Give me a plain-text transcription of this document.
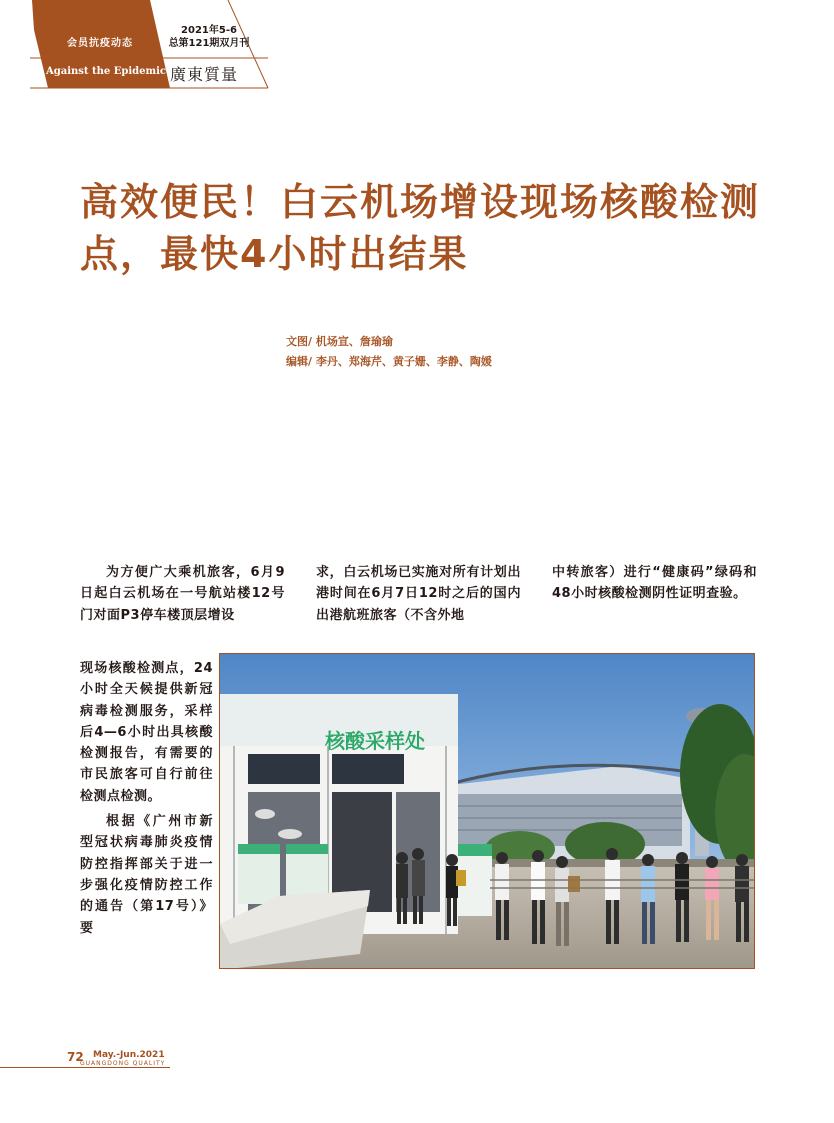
会员抗疫动态
Against the Epidemic
2021年5-6
总第121期双月刊
廣東質量
高效便民！白云机场增设现场核酸检测点，最快4小时出结果
文图/ 机场宣、詹瑜瑜
编辑/ 李丹、郑海芹、黄子姗、李静、陶媛

为方便广大乘机旅客，6月9日起白云机场在一号航站楼12号门对面P3停车楼顶层增设

现场核酸检测点，24小时全天候提供新冠病毒检测服务，采样后4—6小时出具核酸检测报告，有需要的市民旅客可自行前往检测点检测。

根据《广州市新型冠状病毒肺炎疫情防控指挥部关于进一步强化疫情防控工作的通告（第17号）》要

求，白云机场已实施对所有计划出港时间在6月7日12时之后的国内出港航班旅客（不含外地

中转旅客）进行“健康码”绿码和48小时核酸检测阴性证明查验。

核酸采样处
72 May.-Jun.2021
GUANGDONG QUALITY
